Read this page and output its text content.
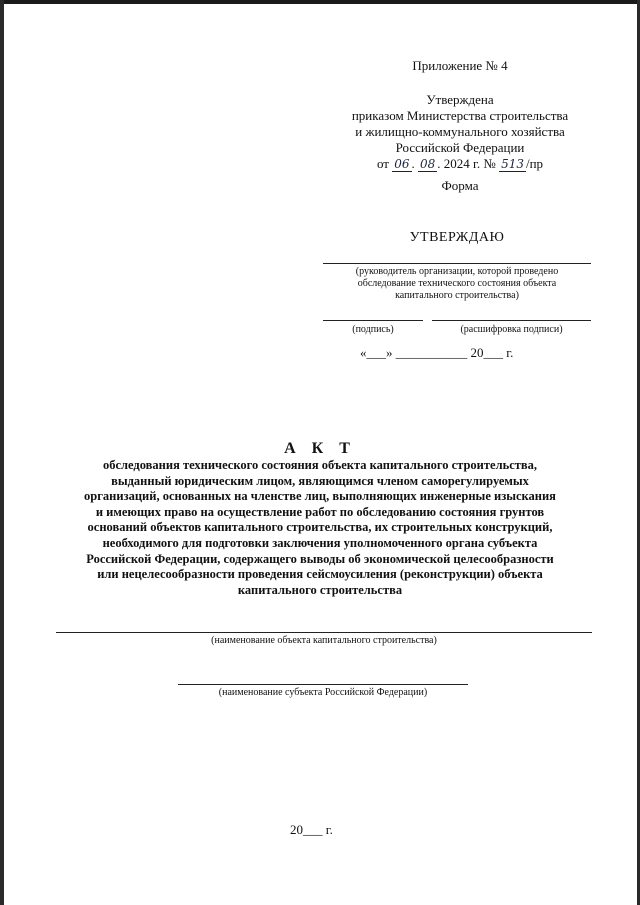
Приложение № 4
Утверждена
приказом Министерства строительства
и жилищно-коммунального хозяйства
Российской Федерации
от 06 . 08 . 2024 г. № 513 /пр
Форма
УТВЕРЖДАЮ
(руководитель организации, которой проведено обследование технического состояния объекта капитального строительства)
(подпись)	(расшифровка подписи)
«___» ___________ 20___ г.
А К Т
обследования технического состояния объекта капитального строительства,
выданный юридическим лицом, являющимся членом саморегулируемых
организаций, основанных на членстве лиц, выполняющих инженерные изыскания
и имеющих право на осуществление работ по обследованию состояния грунтов
оснований объектов капитального строительства, их строительных конструкций,
необходимого для подготовки заключения уполномоченного органа субъекта
Российской Федерации, содержащего выводы об экономической целесообразности
или нецелесообразности проведения сейсмоусиления (реконструкции) объекта
капитального строительства
(наименование объекта капитального строительства)
(наименование субъекта Российской Федерации)
20___ г.
